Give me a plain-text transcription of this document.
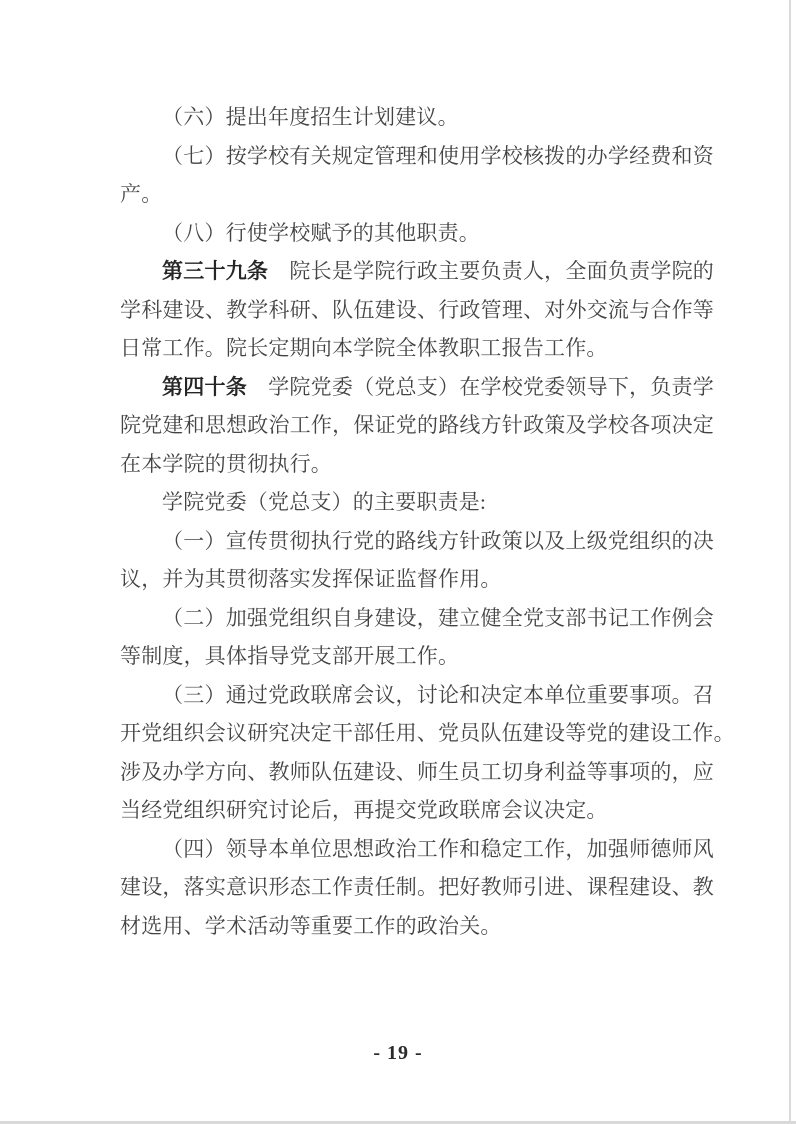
（六）提出年度招生计划建议。
（七）按学校有关规定管理和使用学校核拨的办学经费和资
产。
（八）行使学校赋予的其他职责。
第三十九条　院长是学院行政主要负责人，全面负责学院的
学科建设、教学科研、队伍建设、行政管理、对外交流与合作等
日常工作。院长定期向本学院全体教职工报告工作。
第四十条　学院党委（党总支）在学校党委领导下，负责学
院党建和思想政治工作，保证党的路线方针政策及学校各项决定
在本学院的贯彻执行。
学院党委（党总支）的主要职责是:
（一）宣传贯彻执行党的路线方针政策以及上级党组织的决
议，并为其贯彻落实发挥保证监督作用。
（二）加强党组织自身建设，建立健全党支部书记工作例会
等制度，具体指导党支部开展工作。
（三）通过党政联席会议，讨论和决定本单位重要事项。召
开党组织会议研究决定干部任用、党员队伍建设等党的建设工作。
涉及办学方向、教师队伍建设、师生员工切身利益等事项的，应
当经党组织研究讨论后，再提交党政联席会议决定。
（四）领导本单位思想政治工作和稳定工作，加强师德师风
建设，落实意识形态工作责任制。把好教师引进、课程建设、教
材选用、学术活动等重要工作的政治关。
- 19 -
